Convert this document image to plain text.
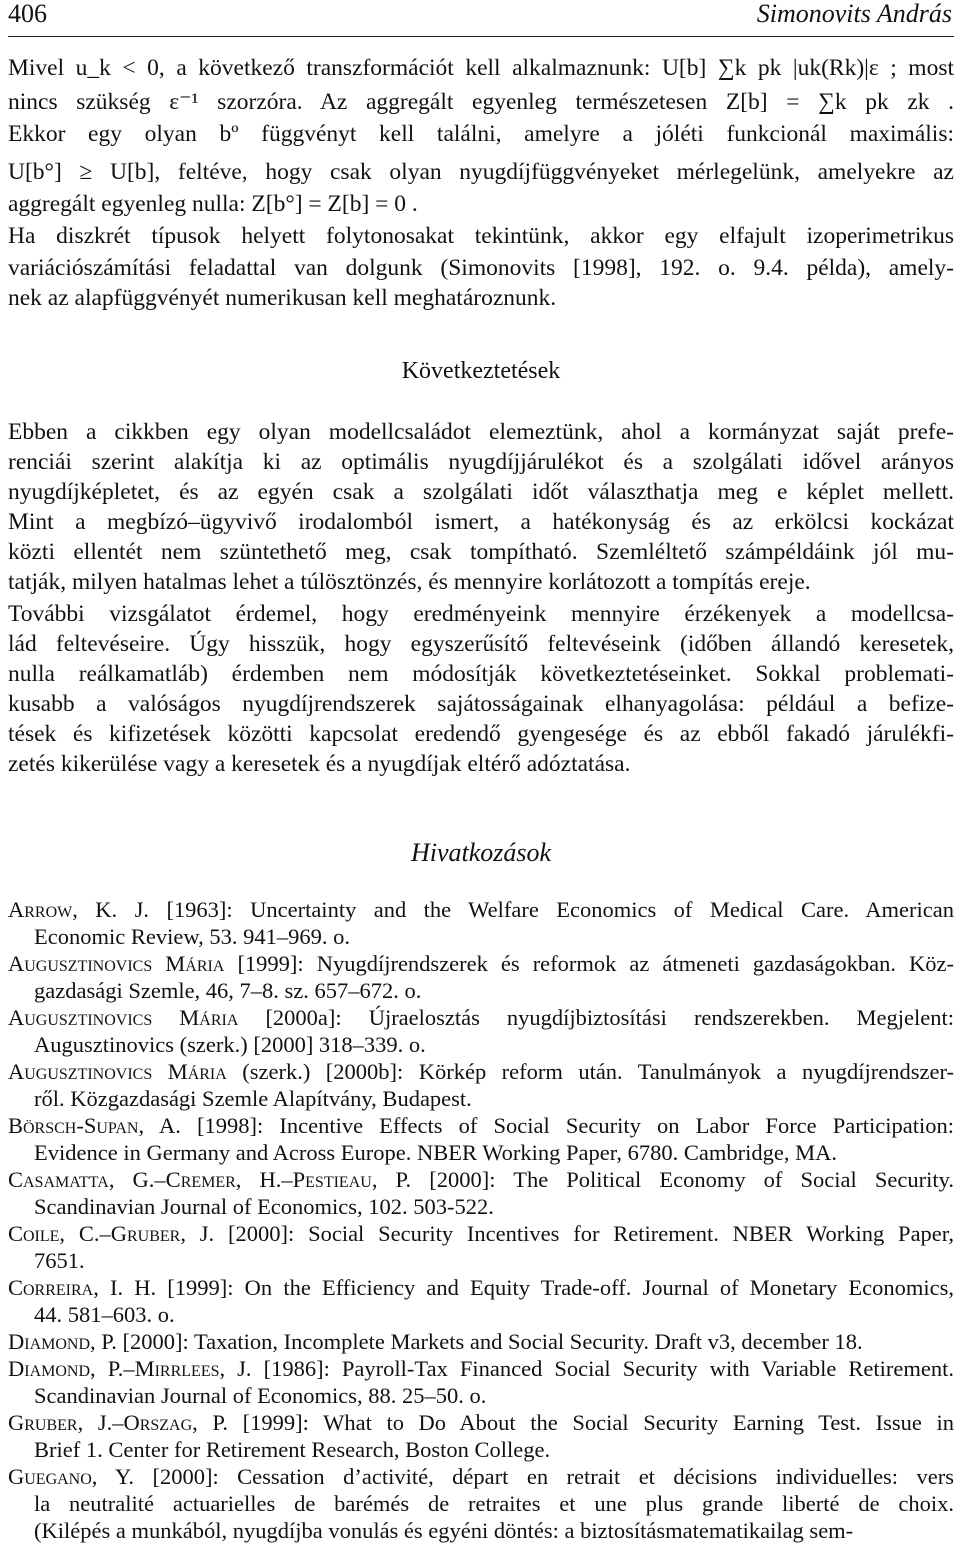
406	Simonovits András
Mivel u_k < 0, a következő transzformációt kell alkalmaznunk: U[b] ∑k pk |uk(Rk)|ε ; most
nincs szükség ε⁻¹ szorzóra. Az aggregált egyenleg természetesen Z[b] = ∑k pk zk .
Ekkor egy olyan bº függvényt kell találni, amelyre a jóléti funkcionál maximális:
U[b°] ≥ U[b], feltéve, hogy csak olyan nyugdíjfüggvényeket mérlegelünk, amelyekre az
aggregált egyenleg nulla: Z[b°] = Z[b] = 0 .
Ha diszkrét típusok helyett folytonosakat tekintünk, akkor egy elfajult izoperimetrikus
variációszámítási feladattal van dolgunk (Simonovits [1998], 192. o. 9.4. példa), amely-
nek az alapfüggvényét numerikusan kell meghatároznunk.
Következtetések
Ebben a cikkben egy olyan modellcsaládot elemeztünk, ahol a kormányzat saját prefe-
renciái szerint alakítja ki az optimális nyugdíjjárulékot és a szolgálati idővel arányos
nyugdíjképletet, és az egyén csak a szolgálati időt választhatja meg e képlet mellett.
Mint a megbízó–ügyvivő irodalomból ismert, a hatékonyság és az erkölcsi kockázat
közti ellentét nem szüntethető meg, csak tompítható. Szemléltető számpéldáink jól mu-
tatják, milyen hatalmas lehet a túlösztönzés, és mennyire korlátozott a tompítás ereje.
További vizsgálatot érdemel, hogy eredményeink mennyire érzékenyek a modellcsa-
lád feltevéseire. Úgy hisszük, hogy egyszerűsítő feltevéseink (időben állandó keresetek,
nulla reálkamatláb) érdemben nem módosítják következtetéseinket. Sokkal problemati-
kusabb a valóságos nyugdíjrendszerek sajátosságainak elhanyagolása: például a befize-
tések és kifizetések közötti kapcsolat eredendő gyengesége és az ebből fakadó járulékfi-
zetés kikerülése vagy a keresetek és a nyugdíjak eltérő adóztatása.
Hivatkozások
Arrow, K. J. [1963]: Uncertainty and the Welfare Economics of Medical Care. American
Economic Review, 53. 941–969. o.
Augusztinovics Mária [1999]: Nyugdíjrendszerek és reformok az átmeneti gazdaságokban. Köz-
gazdasági Szemle, 46, 7–8. sz. 657–672. o.
Augusztinovics Mária [2000a]: Újraelosztás nyugdíjbiztosítási rendszerekben. Megjelent:
Augusztinovics (szerk.) [2000] 318–339. o.
Augusztinovics Mária (szerk.) [2000b]: Körkép reform után. Tanulmányok a nyugdíjrendszer-
ről. Közgazdasági Szemle Alapítvány, Budapest.
Börsch-Supan, A. [1998]: Incentive Effects of Social Security on Labor Force Participation:
Evidence in Germany and Across Europe. NBER Working Paper, 6780. Cambridge, MA.
Casamatta, G.–Cremer, H.–Pestieau, P. [2000]: The Political Economy of Social Security.
Scandinavian Journal of Economics, 102. 503-522.
Coile, C.–Gruber, J. [2000]: Social Security Incentives for Retirement. NBER Working Paper,
7651.
Correira, I. H. [1999]: On the Efficiency and Equity Trade-off. Journal of Monetary Economics,
44. 581–603. o.
Diamond, P. [2000]: Taxation, Incomplete Markets and Social Security. Draft v3, december 18.
Diamond, P.–Mirrlees, J. [1986]: Payroll-Tax Financed Social Security with Variable Retirement.
Scandinavian Journal of Economics, 88. 25–50. o.
Gruber, J.–Orszag, P. [1999]: What to Do About the Social Security Earning Test. Issue in
Brief 1. Center for Retirement Research, Boston College.
Guegano, Y. [2000]: Cessation d’activité, départ en retrait et décisions individuelles: vers
la neutralité actuarielles de barémés de retraites et une plus grande liberté de choix.
(Kilépés a munkából, nyugdíjba vonulás és egyéni döntés: a biztosításmatematikailag sem-
